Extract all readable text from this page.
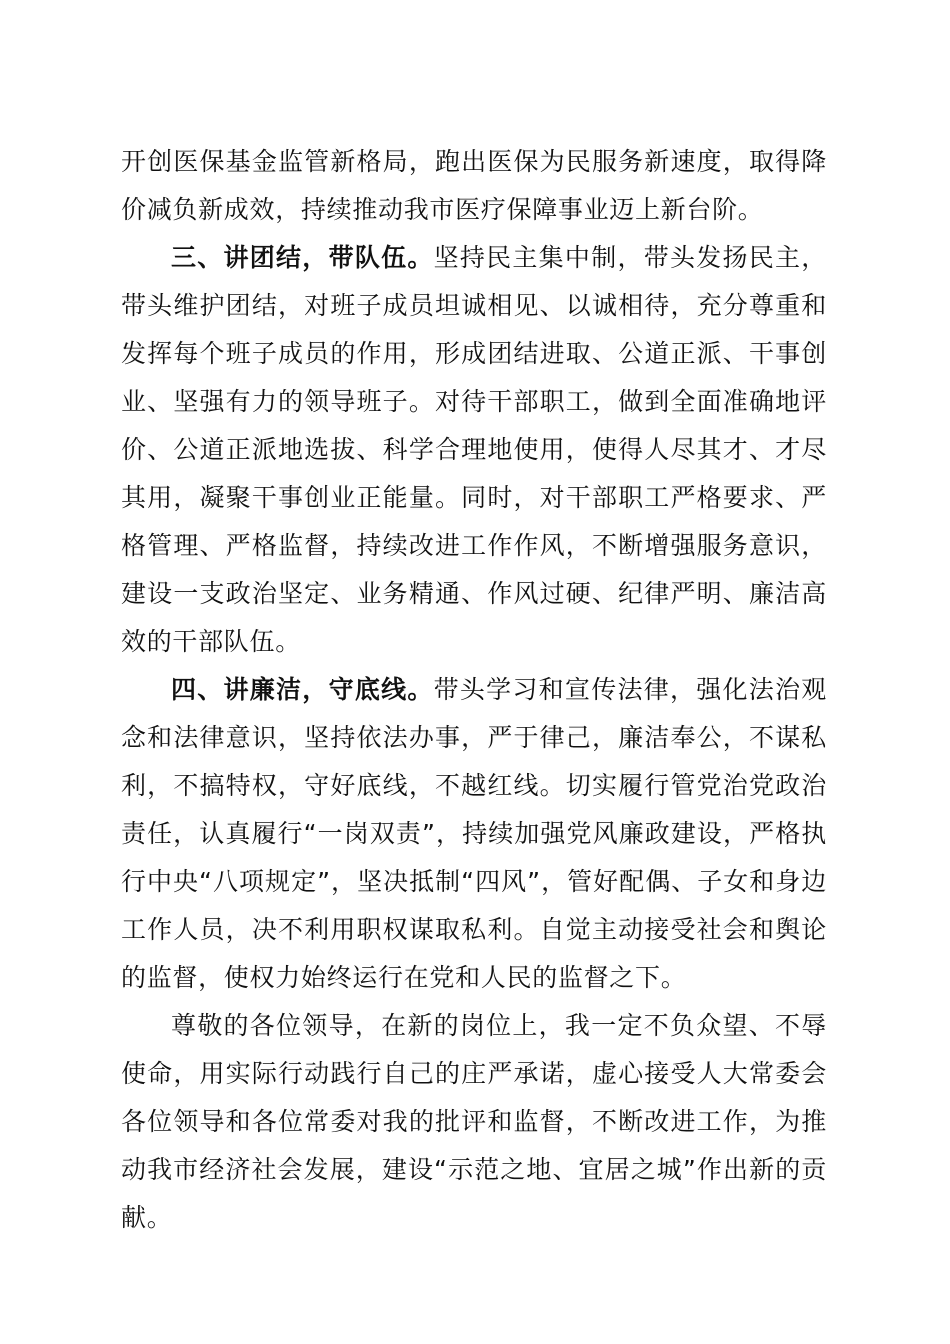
开创医保基金监管新格局，跑出医保为民服务新速度，取得降价减负新成效，持续推动我市医疗保障事业迈上新台阶。

三、讲团结，带队伍。坚持民主集中制，带头发扬民主，带头维护团结，对班子成员坦诚相见、以诚相待，充分尊重和发挥每个班子成员的作用，形成团结进取、公道正派、干事创业、坚强有力的领导班子。对待干部职工，做到全面准确地评价、公道正派地选拔、科学合理地使用，使得人尽其才、才尽其用，凝聚干事创业正能量。同时，对干部职工严格要求、严格管理、严格监督，持续改进工作作风，不断增强服务意识，建设一支政治坚定、业务精通、作风过硬、纪律严明、廉洁高效的干部队伍。

四、讲廉洁，守底线。带头学习和宣传法律，强化法治观念和法律意识，坚持依法办事，严于律己，廉洁奉公，不谋私利，不搞特权，守好底线，不越红线。切实履行管党治党政治责任，认真履行“一岗双责”，持续加强党风廉政建设，严格执行中央“八项规定”，坚决抵制“四风”，管好配偶、子女和身边工作人员，决不利用职权谋取私利。自觉主动接受社会和舆论的监督，使权力始终运行在党和人民的监督之下。

尊敬的各位领导，在新的岗位上，我一定不负众望、不辱使命，用实际行动践行自己的庄严承诺，虚心接受人大常委会各位领导和各位常委对我的批评和监督，不断改进工作，为推动我市经济社会发展，建设“示范之地、宜居之城”作出新的贡献。
